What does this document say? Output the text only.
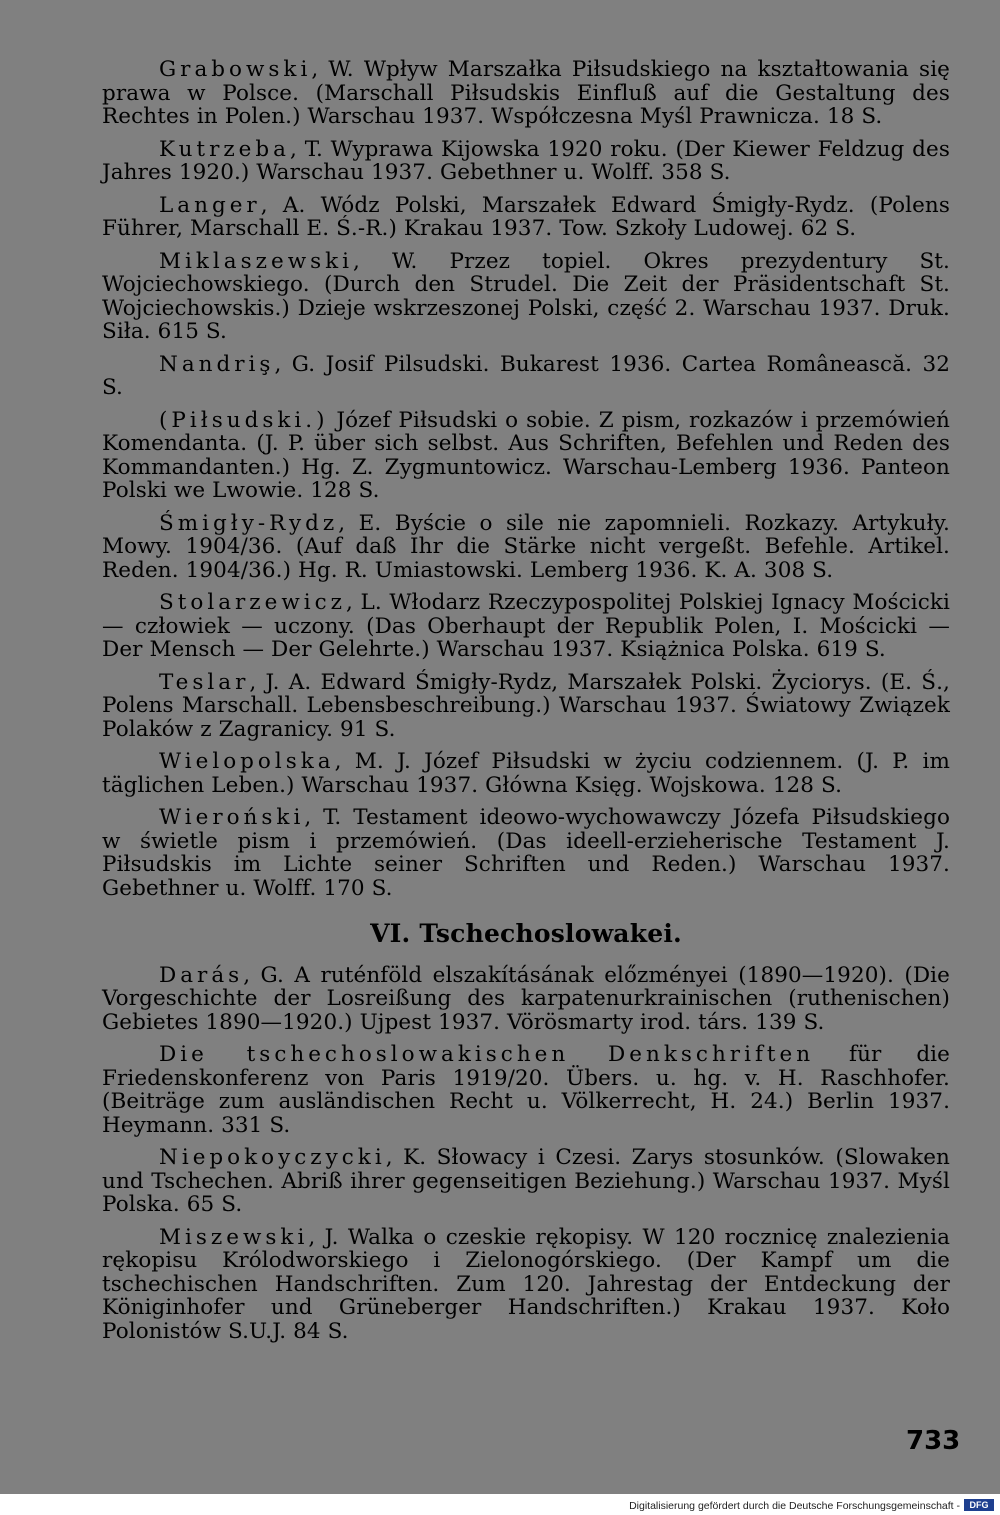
Grabowski, W. Wpływ Marszałka Piłsudskiego na kształtowania się prawa w Polsce. (Marschall Piłsudskis Einfluß auf die Gestaltung des Rechtes in Polen.) Warschau 1937. Współczesna Myśl Prawnicza. 18 S.

Kutrzeba, T. Wyprawa Kijowska 1920 roku. (Der Kiewer Feldzug des Jahres 1920.) Warschau 1937. Gebethner u. Wolff. 358 S.

Langer, A. Wódz Polski, Marszałek Edward Śmigły-Rydz. (Polens Führer, Marschall E. Ś.-R.) Krakau 1937. Tow. Szkoły Ludowej. 62 S.

Miklaszewski, W. Przez topiel. Okres prezydentury St. Wojciechowskiego. (Durch den Strudel. Die Zeit der Präsidentschaft St. Wojciechowskis.) Dzieje wskrzeszonej Polski, część 2. Warschau 1937. Druk. Siła. 615 S.

Nandriş, G. Josif Pilsudski. Bukarest 1936. Cartea Românească. 32 S.

(Piłsudski.) Józef Piłsudski o sobie. Z pism, rozkazów i przemówień Komendanta. (J. P. über sich selbst. Aus Schriften, Befehlen und Reden des Kommandanten.) Hg. Z. Zygmuntowicz. Warschau-Lemberg 1936. Panteon Polski we Lwowie. 128 S.

Śmigły-Rydz, E. Byście o sile nie zapomnieli. Rozkazy. Artykuły. Mowy. 1904/36. (Auf daß Ihr die Stärke nicht vergeßt. Befehle. Artikel. Reden. 1904/36.) Hg. R. Umiastowski. Lemberg 1936. K. A. 308 S.

Stolarzewicz, L. Włodarz Rzeczypospolitej Polskiej Ignacy Mościcki — człowiek — uczony. (Das Oberhaupt der Republik Polen, I. Mościcki — Der Mensch — Der Gelehrte.) Warschau 1937. Książnica Polska. 619 S.

Teslar, J. A. Edward Śmigły-Rydz, Marszałek Polski. Życiorys. (E. Ś., Polens Marschall. Lebensbeschreibung.) Warschau 1937. Światowy Związek Polaków z Zagranicy. 91 S.

Wielopolska, M. J. Józef Piłsudski w życiu codziennem. (J. P. im täglichen Leben.) Warschau 1937. Główna Księg. Wojskowa. 128 S.

Wieroński, T. Testament ideowo-wychowawczy Józefa Piłsudskiego w świetle pism i przemówień. (Das ideell-erzieherische Testament J. Piłsudskis im Lichte seiner Schriften und Reden.) Warschau 1937. Gebethner u. Wolff. 170 S.

VI. Tschechoslowakei.

Darás, G. A ruténföld elszakításának előzményei (1890—1920). (Die Vorgeschichte der Losreißung des karpatenurkrainischen (ruthenischen) Gebietes 1890—1920.) Ujpest 1937. Vörösmarty irod. társ. 139 S.

Die tschechoslowakischen Denkschriften für die Friedenskonferenz von Paris 1919/20. Übers. u. hg. v. H. Raschhofer. (Beiträge zum ausländischen Recht u. Völkerrecht, H. 24.) Berlin 1937. Heymann. 331 S.

Niepokoyczycki, K. Słowacy i Czesi. Zarys stosunków. (Slowaken und Tschechen. Abriß ihrer gegenseitigen Beziehung.) Warschau 1937. Myśl Polska. 65 S.

Miszewski, J. Walka o czeskie rękopisy. W 120 rocznicę znalezienia rękopisu Królodworskiego i Zielonogórskiego. (Der Kampf um die tschechischen Handschriften. Zum 120. Jahrestag der Entdeckung der Königinhofer und Grüneberger Handschriften.) Krakau 1937. Koło Polonistów S.U.J. 84 S.

733
Digitalisierung gefördert durch die Deutsche Forschungsgemeinschaft -	DFG
